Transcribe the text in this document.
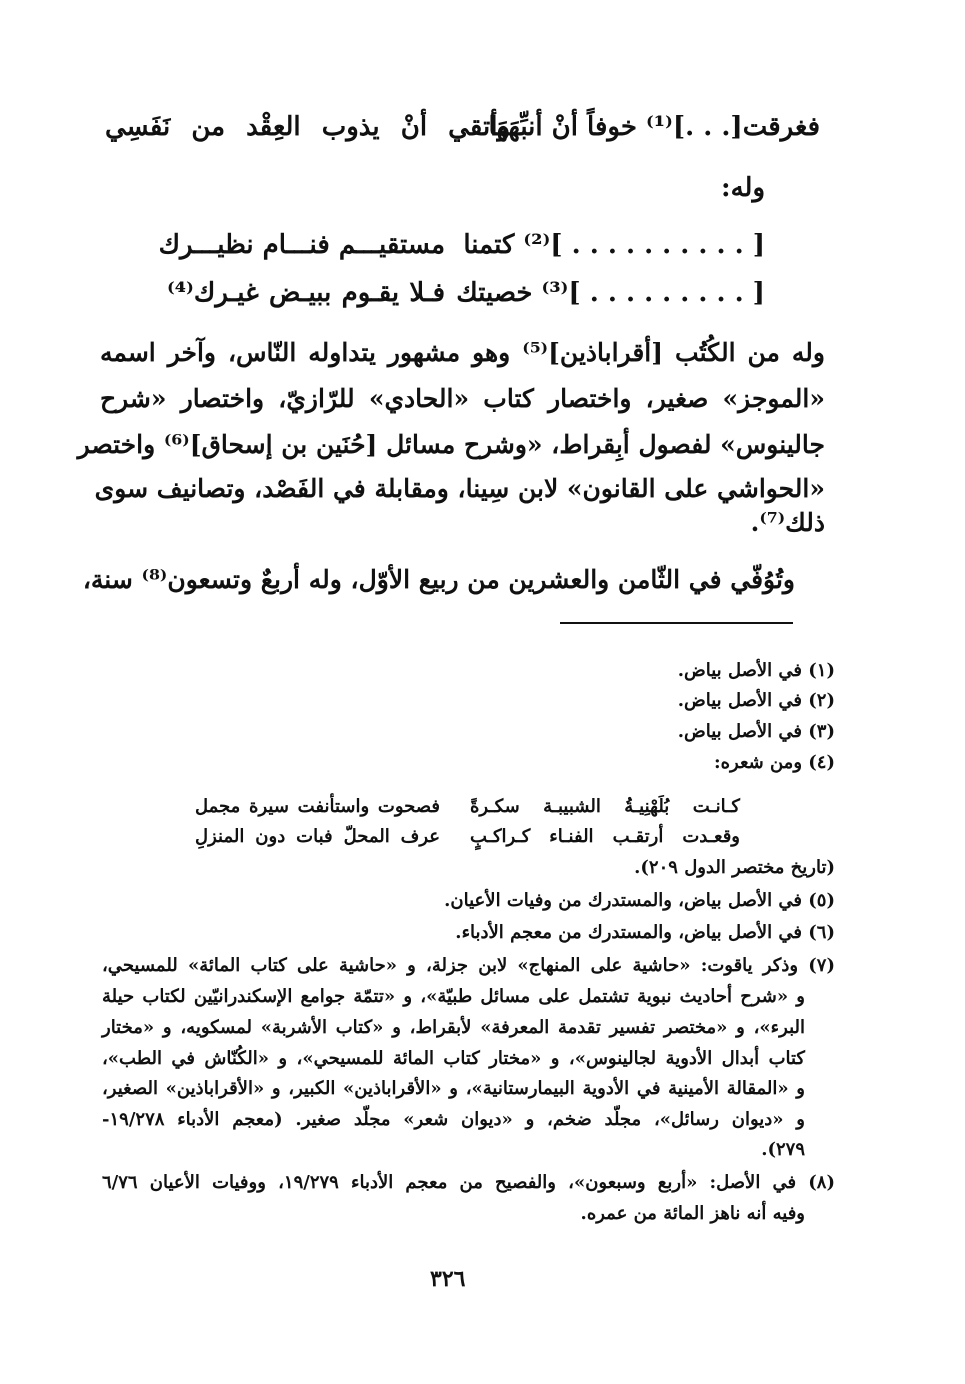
فغرقت[. . .]⁽¹⁾ خوفاً أنْ أنبِّهَهَا
وأتقي أنْ يذوب العِقْد من نَفَسِي
وله:
[ . . . . . . . . . . ]⁽²⁾ كتمنا
مستقيـــم فنـــام نظيـــرك
[ . . . . . . . . . ]⁽³⁾ خصيتك
فـلا يقـوم ببيـض غيـرك⁽⁴⁾
وله من الكُتُب [أقراباذين]⁽⁵⁾ وهو مشهور يتداوله النّاس، وآخر اسمه
«الموجز» صغير، واختصار كتاب «الحادي» للرّازيّ، واختصار «شرح
جالينوس» لفصول أبِقراط، «وشرح مسائل [حُنَين بن إسحاق]⁽⁶⁾ واختصر
«الحواشي على القانون» لابن سِينا، ومقابلة في الفَصْد، وتصانيف سوى
ذلك⁽⁷⁾.
وتُوُفّي في الثّامن والعشرين من ربيع الأوّل، وله أربعٌ وتسعون⁽⁸⁾ سنة،
(١) في الأصل بياض.
(٢) في الأصل بياض.
(٣) في الأصل بياض.
(٤) ومن شعره:
كـانـت بُلَهْنِيـةُ الشبيبـة سكـرةً
فصحوت واستأنفت سيرة مجمل
وقعـدت أرتقـب الفنـاء كـراكـبٍ
عرف المحلّ فبات دون المنزلِ
(تاريخ مختصر الدول ٢٠٩).
(٥) في الأصل بياض، والمستدرك من وفيات الأعيان.
(٦) في الأصل بياض، والمستدرك من معجم الأدباء.
(٧) وذكر ياقوت: «حاشية على المنهاج» لابن جزلة، و «حاشية على كتاب المائة» للمسيحي،
و «شرح أحاديث نبوية تشتمل على مسائل طبيّة»، و «تتمّة جوامع الإسكندرانيّين لكتاب حيلة
البرء»، و «مختصر تفسير تقدمة المعرفة» لأبقراط، و «كتاب الأشربة» لمسكويه، و «مختار
كتاب أبدال الأدوية لجالينوس»، و «مختار كتاب المائة للمسيحي»، و «الكُنّاش في الطب»،
و «المقالة الأمينية في الأدوية البيمارستانية»، و «الأقراباذين» الكبير، و «الأقراباذين» الصغير،
و «ديوان رسائل»، مجلّد ضخم، و «ديوان شعر» مجلّد صغير. (معجم الأدباء ١٩/٢٧٨-
٢٧٩).
(٨) في الأصل: «أربع وسبعون»، والفصيح من معجم الأدباء ١٩/٢٧٩، ووفيات الأعيان ٦/٧٦
وفيه أنه ناهز المائة من عمره.
٣٢٦
